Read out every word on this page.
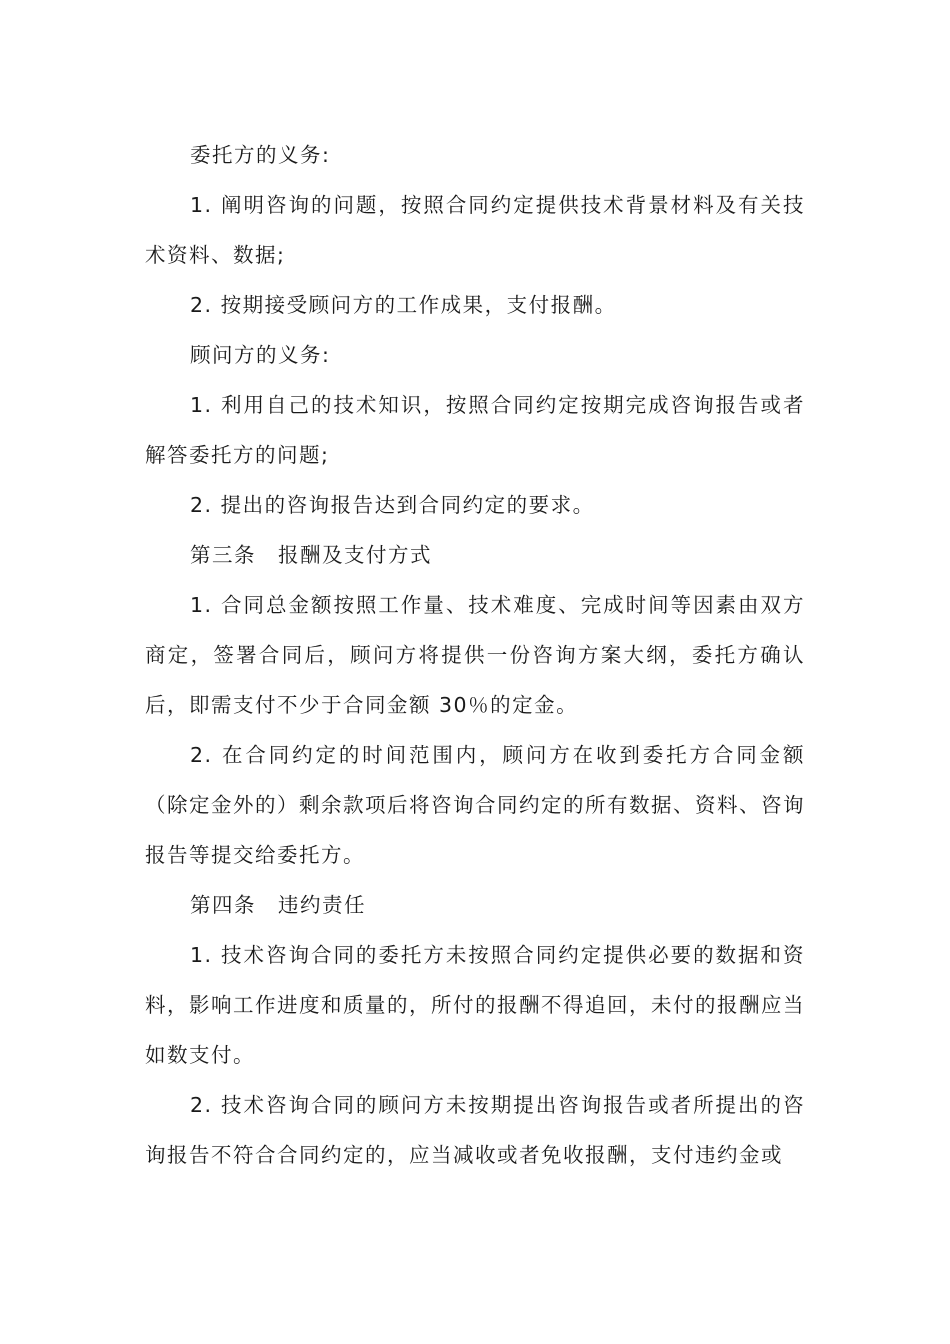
委托方的义务:

1. 阐明咨询的问题，按照合同约定提供技术背景材料及有关技术资料、数据;

2. 按期接受顾问方的工作成果，支付报酬。

顾问方的义务:

1. 利用自己的技术知识，按照合同约定按期完成咨询报告或者解答委托方的问题;

2. 提出的咨询报告达到合同约定的要求。

第三条　报酬及支付方式

1. 合同总金额按照工作量、技术难度、完成时间等因素由双方商定，签署合同后，顾问方将提供一份咨询方案大纲，委托方确认后，即需支付不少于合同金额 30％的定金。

2. 在合同约定的时间范围内，顾问方在收到委托方合同金额（除定金外的）剩余款项后将咨询合同约定的所有数据、资料、咨询报告等提交给委托方。

第四条　违约责任

1. 技术咨询合同的委托方未按照合同约定提供必要的数据和资料，影响工作进度和质量的，所付的报酬不得追回，未付的报酬应当如数支付。

2. 技术咨询合同的顾问方未按期提出咨询报告或者所提出的咨询报告不符合合同约定的，应当减收或者免收报酬，支付违约金或
